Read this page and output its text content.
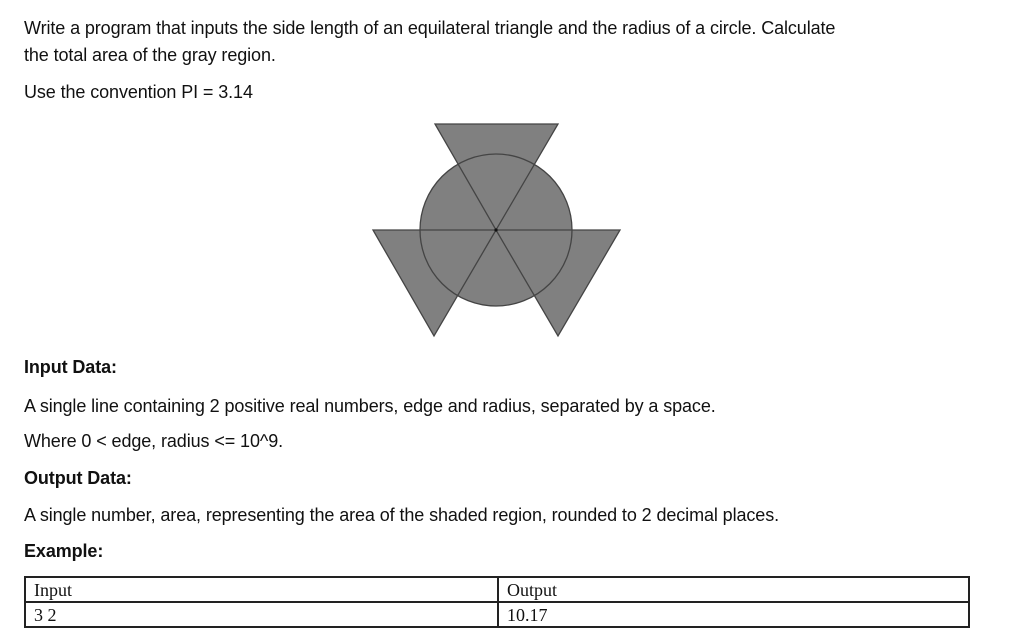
Write a program that inputs the side length of an equilateral triangle and the radius of a circle. Calculate
the total area of the gray region.
Use the convention PI = 3.14
Input Data:
A single line containing 2 positive real numbers, edge and radius, separated by a space.
Where 0 < edge, radius <= 10^9.
Output Data:
A single number, area, representing the area of the shaded region, rounded to 2 decimal places.
Example:
Input	Output
3 2	10.17
